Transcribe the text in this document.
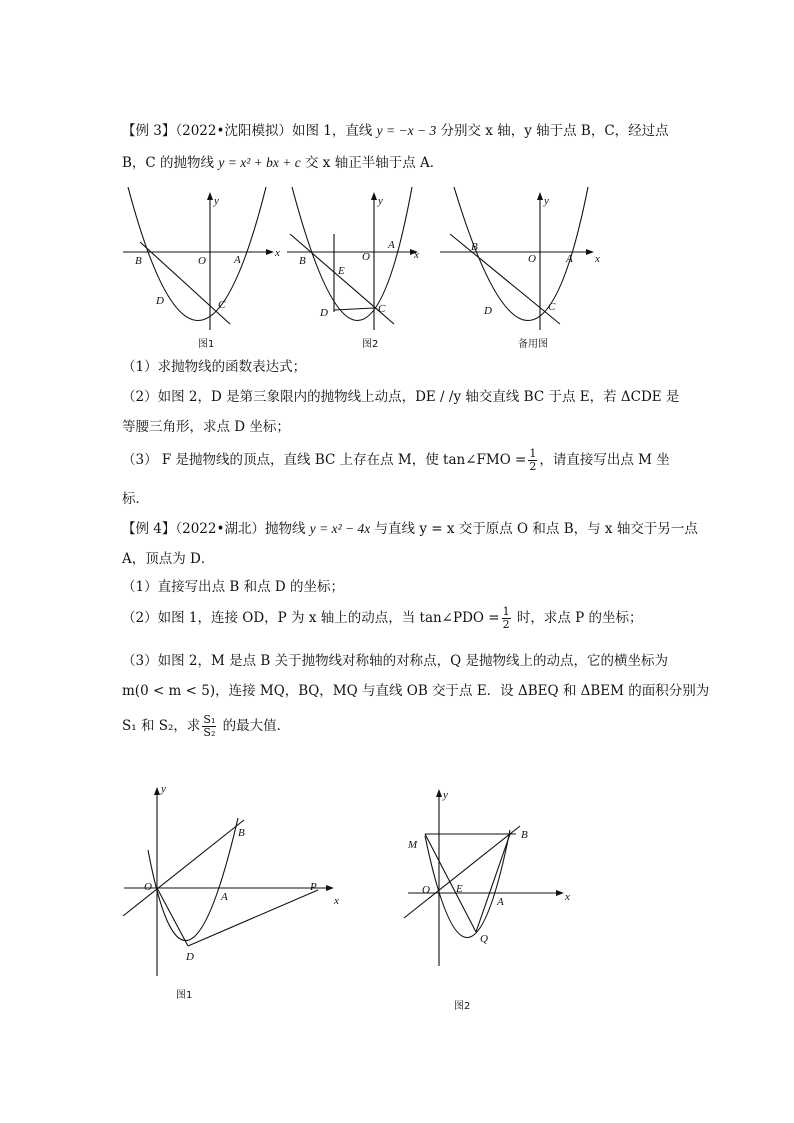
【例 3】（2022•沈阳模拟）如图 1，直线 y = −x − 3 分别交 x 轴，y 轴于点 B，C，经过点
B，C 的抛物线 y = x² + bx + c 交 x 轴正半轴于点 A．
x
y
B	O	A
D	C
图1
x
y
B	O
A
E
D	C
图2
x
y
B
O	A
D	C
备用图
（1）求抛物线的函数表达式；
（2）如图 2，D 是第三象限内的抛物线上动点，DE / /y 轴交直线 BC 于点 E，若 ΔCDE 是
等腰三角形，求点 D 坐标；
（3） F 是抛物线的顶点，直线 BC 上存在点 M，使 tan∠FMO = $\frac{1}{2}$ ，请直接写出点 M 坐
标．
【例 4】（2022•湖北）抛物线 y = x² − 4x 与直线 y = x 交于原点 O 和点 B，与 x 轴交于另一点
A，顶点为 D．
（1）直接写出点 B 和点 D 的坐标；
（2）如图 1，连接 OD，P 为 x 轴上的动点，当 tan∠PDO = $\frac{1}{2}$ 时，求点 P 的坐标；
（3）如图 2，M 是点 B 关于抛物线对称轴的对称点，Q 是抛物线上的动点，它的横坐标为
m(0 < m < 5)，连接 MQ，BQ，MQ 与直线 OB 交于点 E．设 ΔBEQ 和 ΔBEM 的面积分别为
S₁ 和 S₂，求 $\frac{\text{S₁}}{\text{S₂}}$ 的最大值．
x
y
O
A
B
P
D
图1
x
y
M
B
O E
A
Q
图2
